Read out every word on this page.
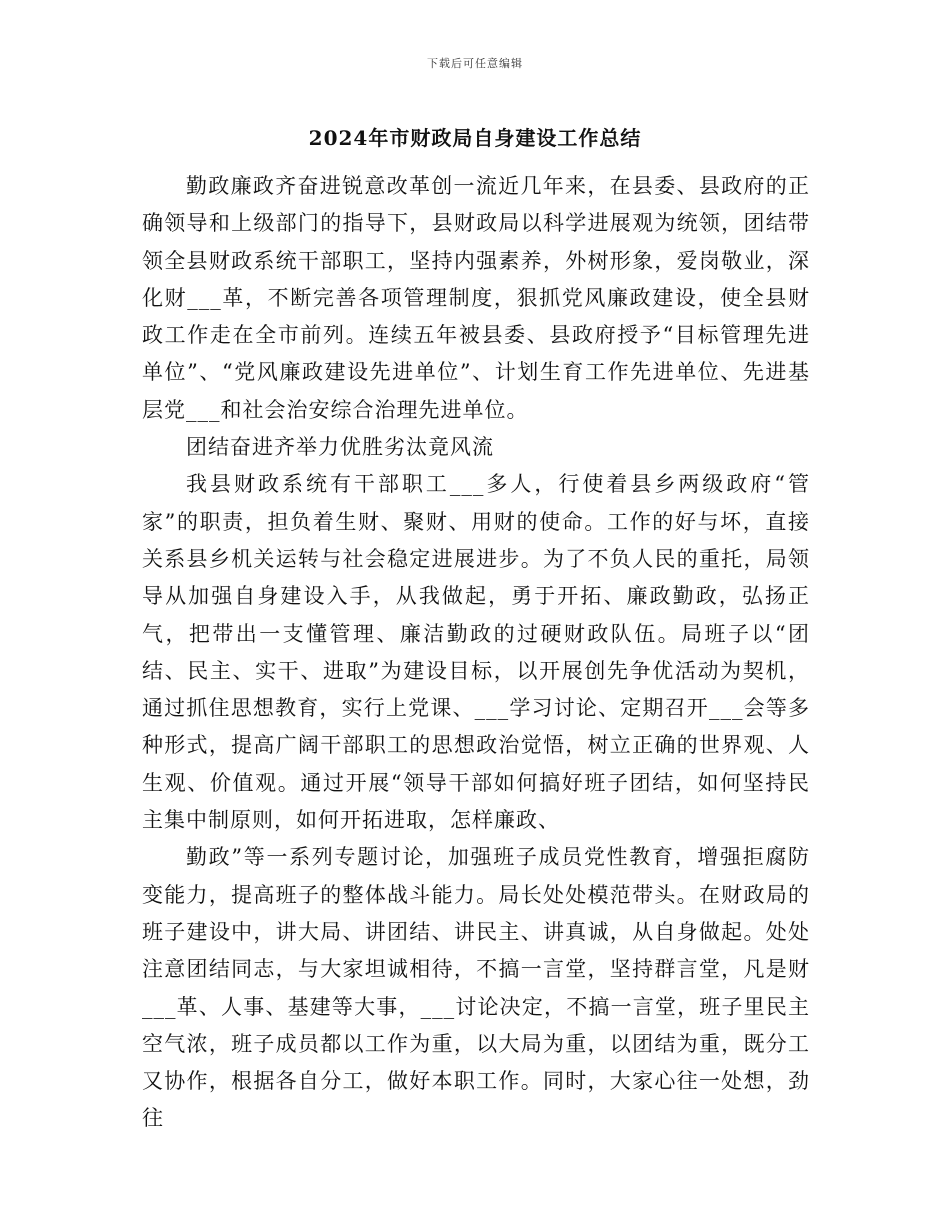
下载后可任意编辑
2024年市财政局自身建设工作总结

勤政廉政齐奋进锐意改革创一流近几年来，在县委、县政府的正确领导和上级部门的指导下，县财政局以科学进展观为统领，团结带领全县财政系统干部职工，坚持内强素养，外树形象，爱岗敬业，深化财___革，不断完善各项管理制度，狠抓党风廉政建设，使全县财政工作走在全市前列。连续五年被县委、县政府授予“目标管理先进单位”、“党风廉政建设先进单位”、计划生育工作先进单位、先进基层党___和社会治安综合治理先进单位。

团结奋进齐举力优胜劣汰竟风流

我县财政系统有干部职工___多人，行使着县乡两级政府“管家”的职责，担负着生财、聚财、用财的使命。工作的好与坏，直接关系县乡机关运转与社会稳定进展进步。为了不负人民的重托，局领导从加强自身建设入手，从我做起，勇于开拓、廉政勤政，弘扬正气，把带出一支懂管理、廉洁勤政的过硬财政队伍。局班子以“团结、民主、实干、进取”为建设目标，以开展创先争优活动为契机，通过抓住思想教育，实行上党课、___学习讨论、定期召开___会等多种形式，提高广阔干部职工的思想政治觉悟，树立正确的世界观、人生观、价值观。通过开展“领导干部如何搞好班子团结，如何坚持民主集中制原则，如何开拓进取，怎样廉政、

勤政”等一系列专题讨论，加强班子成员党性教育，增强拒腐防变能力，提高班子的整体战斗能力。局长处处模范带头。在财政局的班子建设中，讲大局、讲团结、讲民主、讲真诚，从自身做起。处处注意团结同志，与大家坦诚相待，不搞一言堂，坚持群言堂，凡是财___革、人事、基建等大事，___讨论决定，不搞一言堂，班子里民主空气浓，班子成员都以工作为重，以大局为重，以团结为重，既分工又协作，根据各自分工，做好本职工作。同时，大家心往一处想，劲往
